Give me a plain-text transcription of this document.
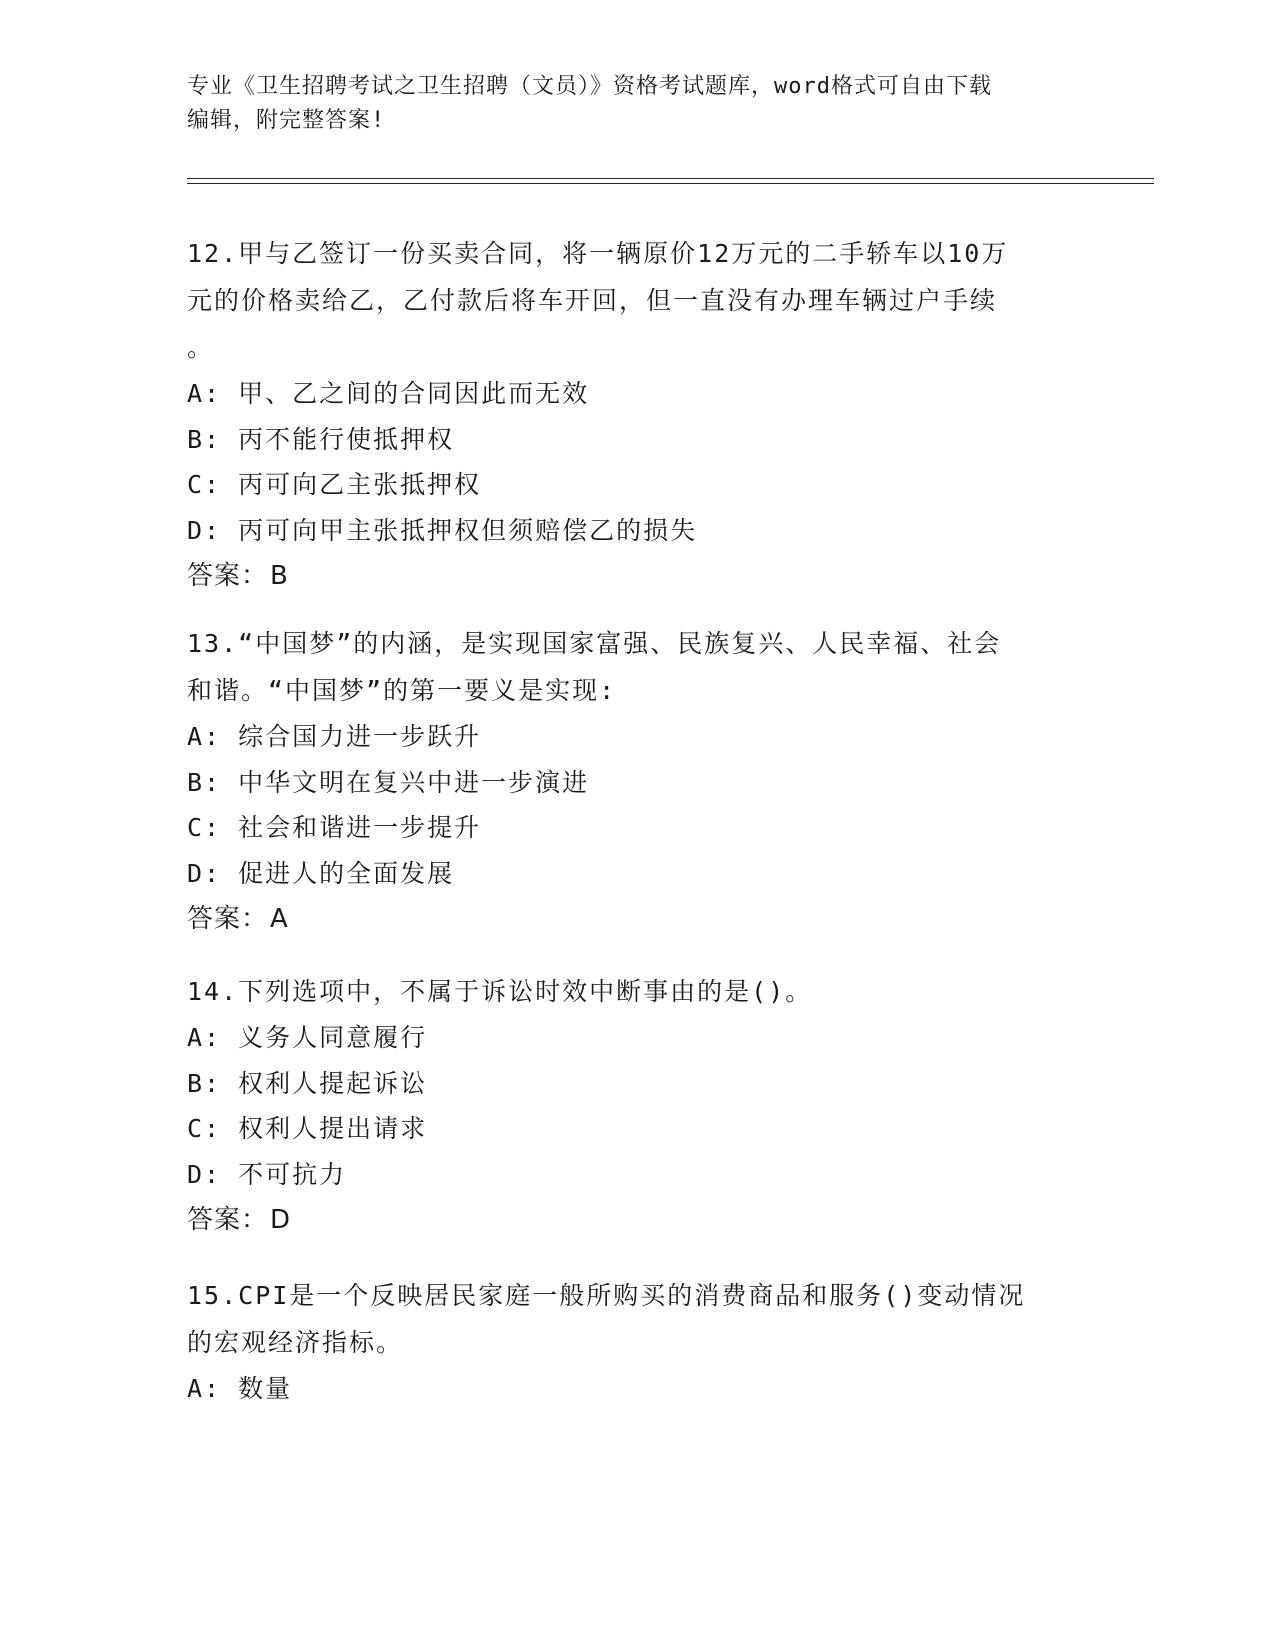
专业《卫生招聘考试之卫生招聘（文员）》资格考试题库，word格式可自由下载
编辑，附完整答案!

12.甲与乙签订一份买卖合同，将一辆原价12万元的二手轿车以10万

元的价格卖给乙，乙付款后将车开回，但一直没有办理车辆过户手续

。

A: 甲、乙之间的合同因此而无效

B: 丙不能行使抵押权

C: 丙可向乙主张抵押权

D: 丙可向甲主张抵押权但须赔偿乙的损失

答案：B

13.“中国梦”的内涵，是实现国家富强、民族复兴、人民幸福、社会

和谐。“中国梦”的第一要义是实现:

A: 综合国力进一步跃升

B: 中华文明在复兴中进一步演进

C: 社会和谐进一步提升

D: 促进人的全面发展

答案：A

14.下列选项中，不属于诉讼时效中断事由的是()。

A: 义务人同意履行

B: 权利人提起诉讼

C: 权利人提出请求

D: 不可抗力

答案：D

15.CPI是一个反映居民家庭一般所购买的消费商品和服务()变动情况

的宏观经济指标。

A: 数量
